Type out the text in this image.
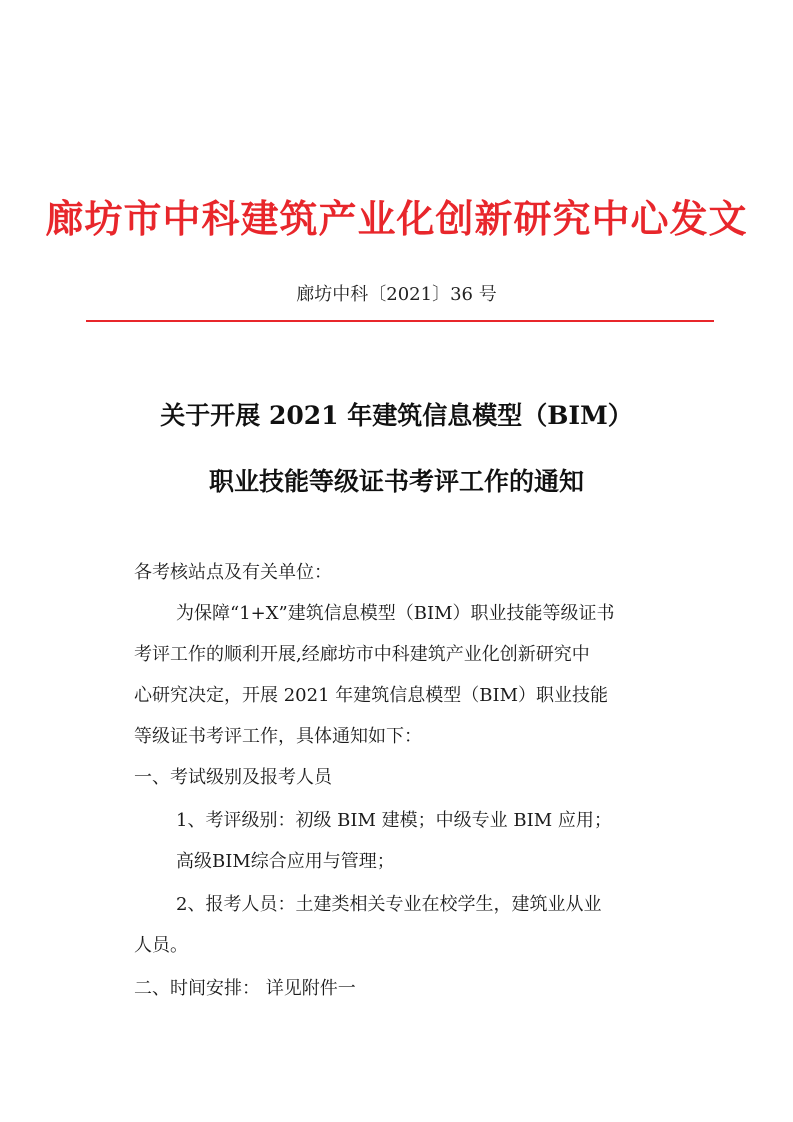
廊坊市中科建筑产业化创新研究中心发文
廊坊中科〔2021〕36 号
关于开展 2021 年建筑信息模型（BIM）
职业技能等级证书考评工作的通知
各考核站点及有关单位：
为保障“1+X”建筑信息模型（BIM）职业技能等级证书
考评工作的顺利开展,经廊坊市中科建筑产业化创新研究中
心研究决定，开展 2021 年建筑信息模型（BIM）职业技能
等级证书考评工作，具体通知如下：
一、考试级别及报考人员
1、考评级别：初级 BIM 建模；中级专业 BIM 应用；
高级BIM综合应用与管理；
2、报考人员：土建类相关专业在校学生，建筑业从业
人员。
二、时间安排： 详见附件一
